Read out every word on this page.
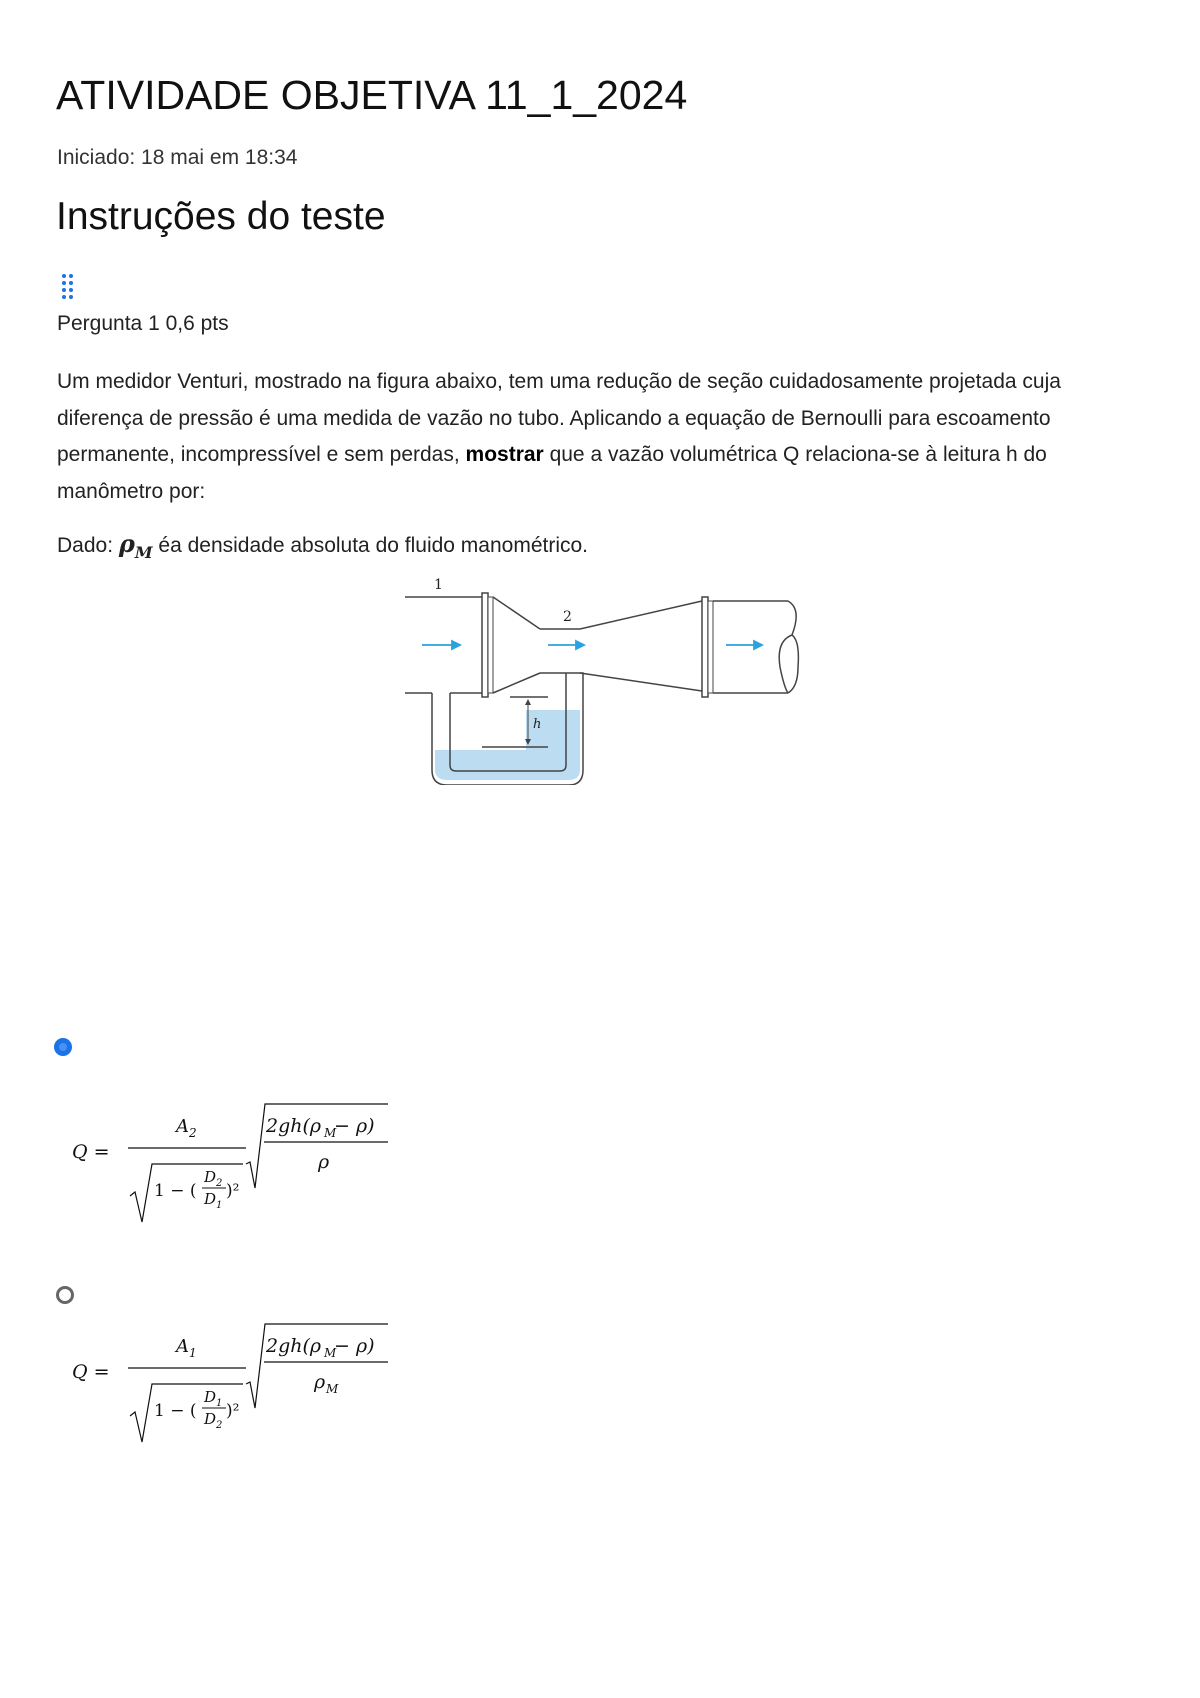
ATIVIDADE OBJETIVA 11_1_2024
Iniciado: 18 mai em 18:34
Instruções do teste
Pergunta 1 0,6 pts
Um medidor Venturi, mostrado na figura abaixo, tem uma redução de seção cuidadosamente projetada cuja diferença de pressão é uma medida de vazão no tubo. Aplicando a equação de Bernoulli para escoamento permanente, incompressível e sem perdas, mostrar que a vazão volumétrica Q relaciona-se à leitura h do manômetro por:
Dado: $\rho_M$ éa densidade absoluta do fluido manométrico.
1
2
h
Q =
A 2
1 − (
D 2
D 1
)²
2gh(ρ M
− ρ)
ρ
Q =
A 1
1 − (
D 1
D 2
)²
2gh(ρ M
− ρ)
ρ M
